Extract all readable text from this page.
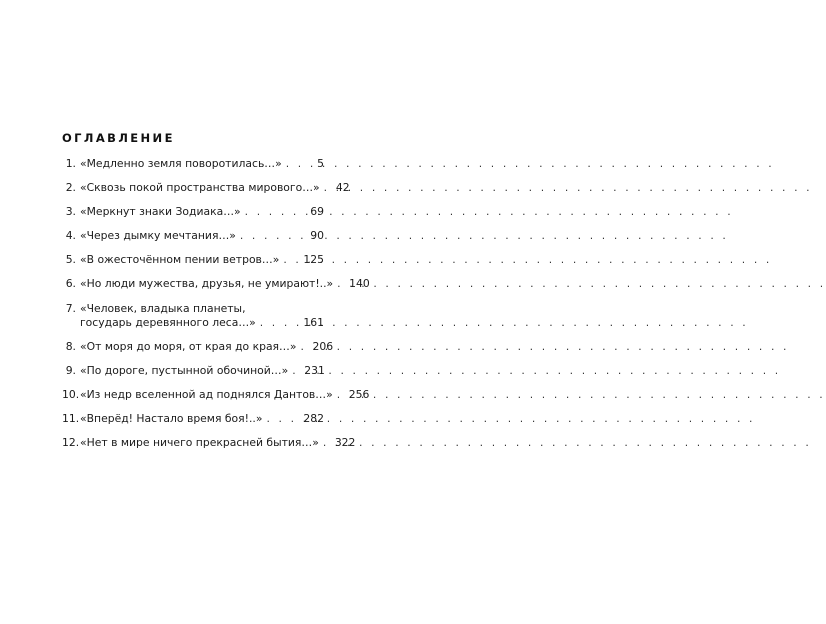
ОГЛАВЛЕНИЕ
1. «Медленно земля поворотилась…» . . .	5
2. «Сквозь покой пространства мирового…» . . .	42
3. «Меркнут знаки Зодиака…» . . .	69
4. «Через дымку мечтания…» . . .	90
5. «В ожесточённом пении ветров…» . . .	125
6. «Но люди мужества, друзья, не умирают!..» . . .	140
7. «Человек, владыка планеты,
государь деревянного леса…» . . .	161
8. «От моря до моря, от края до края…» . . .	206
9. «По дороге, пустынной обочиной…» . . .	231
10. «Из недр вселенной ад поднялся Дантов…» . . .	256
11. «Вперёд! Настало время боя!..» . . .	282
12. «Нет в мире ничего прекрасней бытия…» . . .	322
